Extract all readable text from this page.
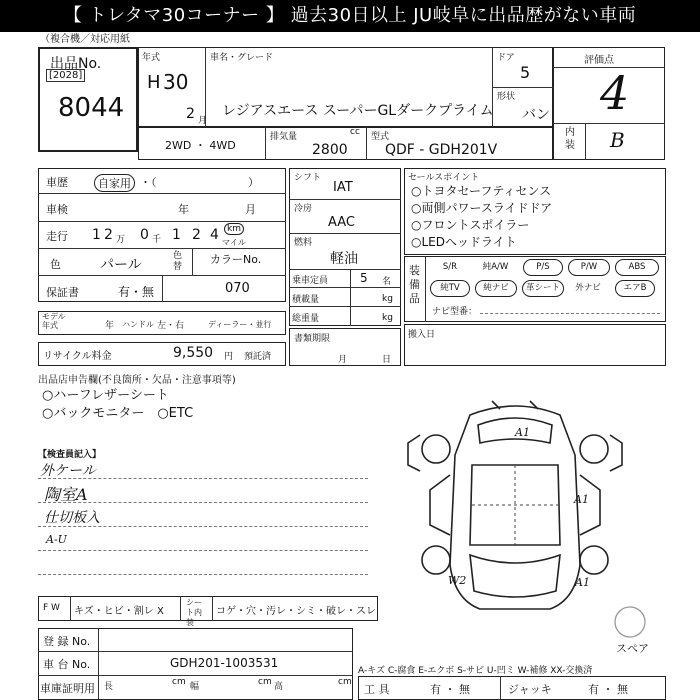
【 トレタマ30コーナー 】 過去30日以上 JU岐阜に出品歴がない車両
（複合機／対応用紙
出品No.
[2028]
8044
年式
H 30
2 月
車名・グレード
レジアスエース スーパーGLダークプライム
ドア
5
形状
バン
評価点
4
内装 B
2WD ・ 4WD
排気量	cc
2800
型式
QDF - GDH201V
車歴	自家用 ・（	）
車検	年	月
走行 1 2 万 0 千 1 2 4 km
マイル
色	パール
色替
カラーNo.
070
保証書	有・無
モデル年式	年 ハンドル 左・右	ディーラー・並行
リサイクル料金	9,550 円 預託済
シフト
IAT
冷房
AAC
燃料
軽油
乗車定員	5 名
積載量	kg
総重量	kg
書類期限
月	日
セールスポイント
○トヨタセーフティセンス
○両側パワースライドドア
○フロントスポイラー
○LEDヘッドライト
装備品
S/R	純A/W	P/S	P/W	ABS
純TV	純ナビ	革シート	外ナビ	エアB
ナビ型番：
搬入日
出品店申告欄(不良箇所・欠品・注意事項等)
○ハーフレザーシート
○バックモニター　○ETC
【検査員記入】
外ケール
陶室A
仕切板入
A-U
A1
A1
W2	A1
スペア
F W キズ・ヒビ・割レ X
シート内装
コゲ・穴・汚レ・シミ・破レ・スレ
登 録 No.
車 台 No.	GDH201-1003531
車庫証明用 長	cm 幅	cm 高	cm
A-キズ C-腐食 E-エクボ S-サビ U-凹ミ W-補修 XX-交換済
工 具	有 ・ 無	ジャッキ	有 ・ 無
